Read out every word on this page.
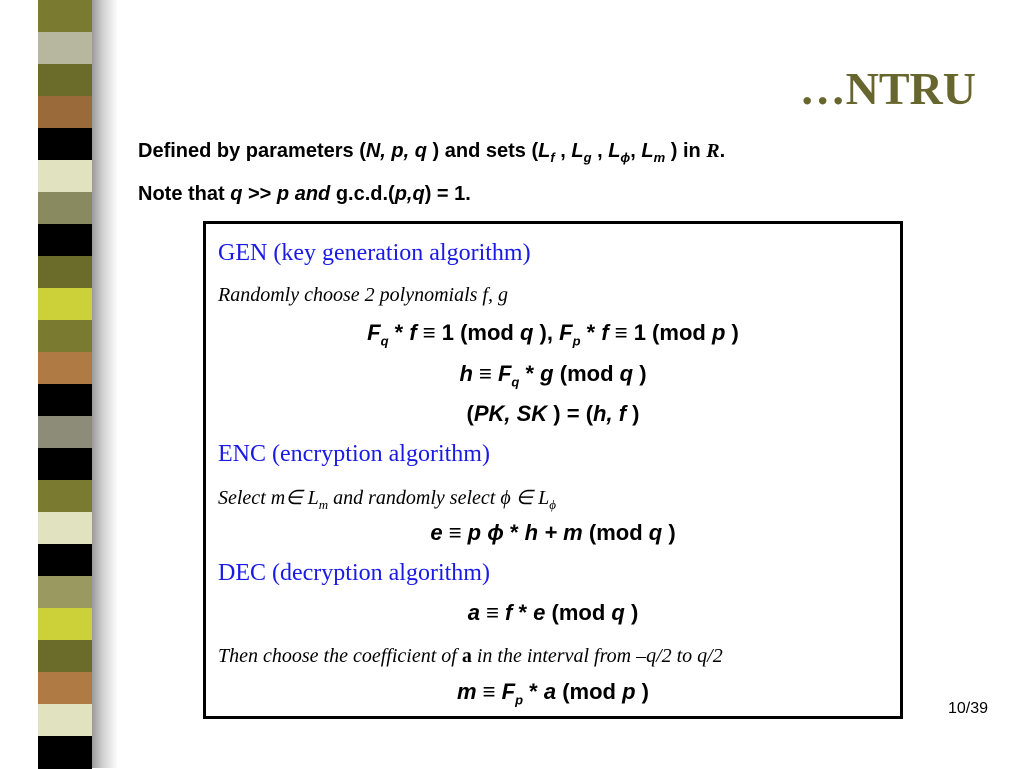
…NTRU
Defined by parameters (N, p, q ) and sets ($L_f$ , $L_g$ , $L_\phi$, $L_m$ ) in R.
Note that q >> p and g.c.d.(p,q) = 1.
GEN (key generation algorithm)
Randomly choose 2 polynomials f, g
$F_q * f \equiv 1$ (mod q ), $F_p * f \equiv 1$ (mod p )
$h \equiv F_q * g$ (mod q )
(PK, SK ) = (h, f )
ENC (encryption algorithm)
Select m∈ $L_m$ and randomly select ϕ ∈ $L_\phi$
e ≡ p ϕ * h + m (mod q )
DEC (decryption algorithm)
a ≡ f * e (mod q )
Then choose the coefficient of a in the interval from –q/2 to q/2
$m \equiv F_p * a$ (mod p )
10/39
